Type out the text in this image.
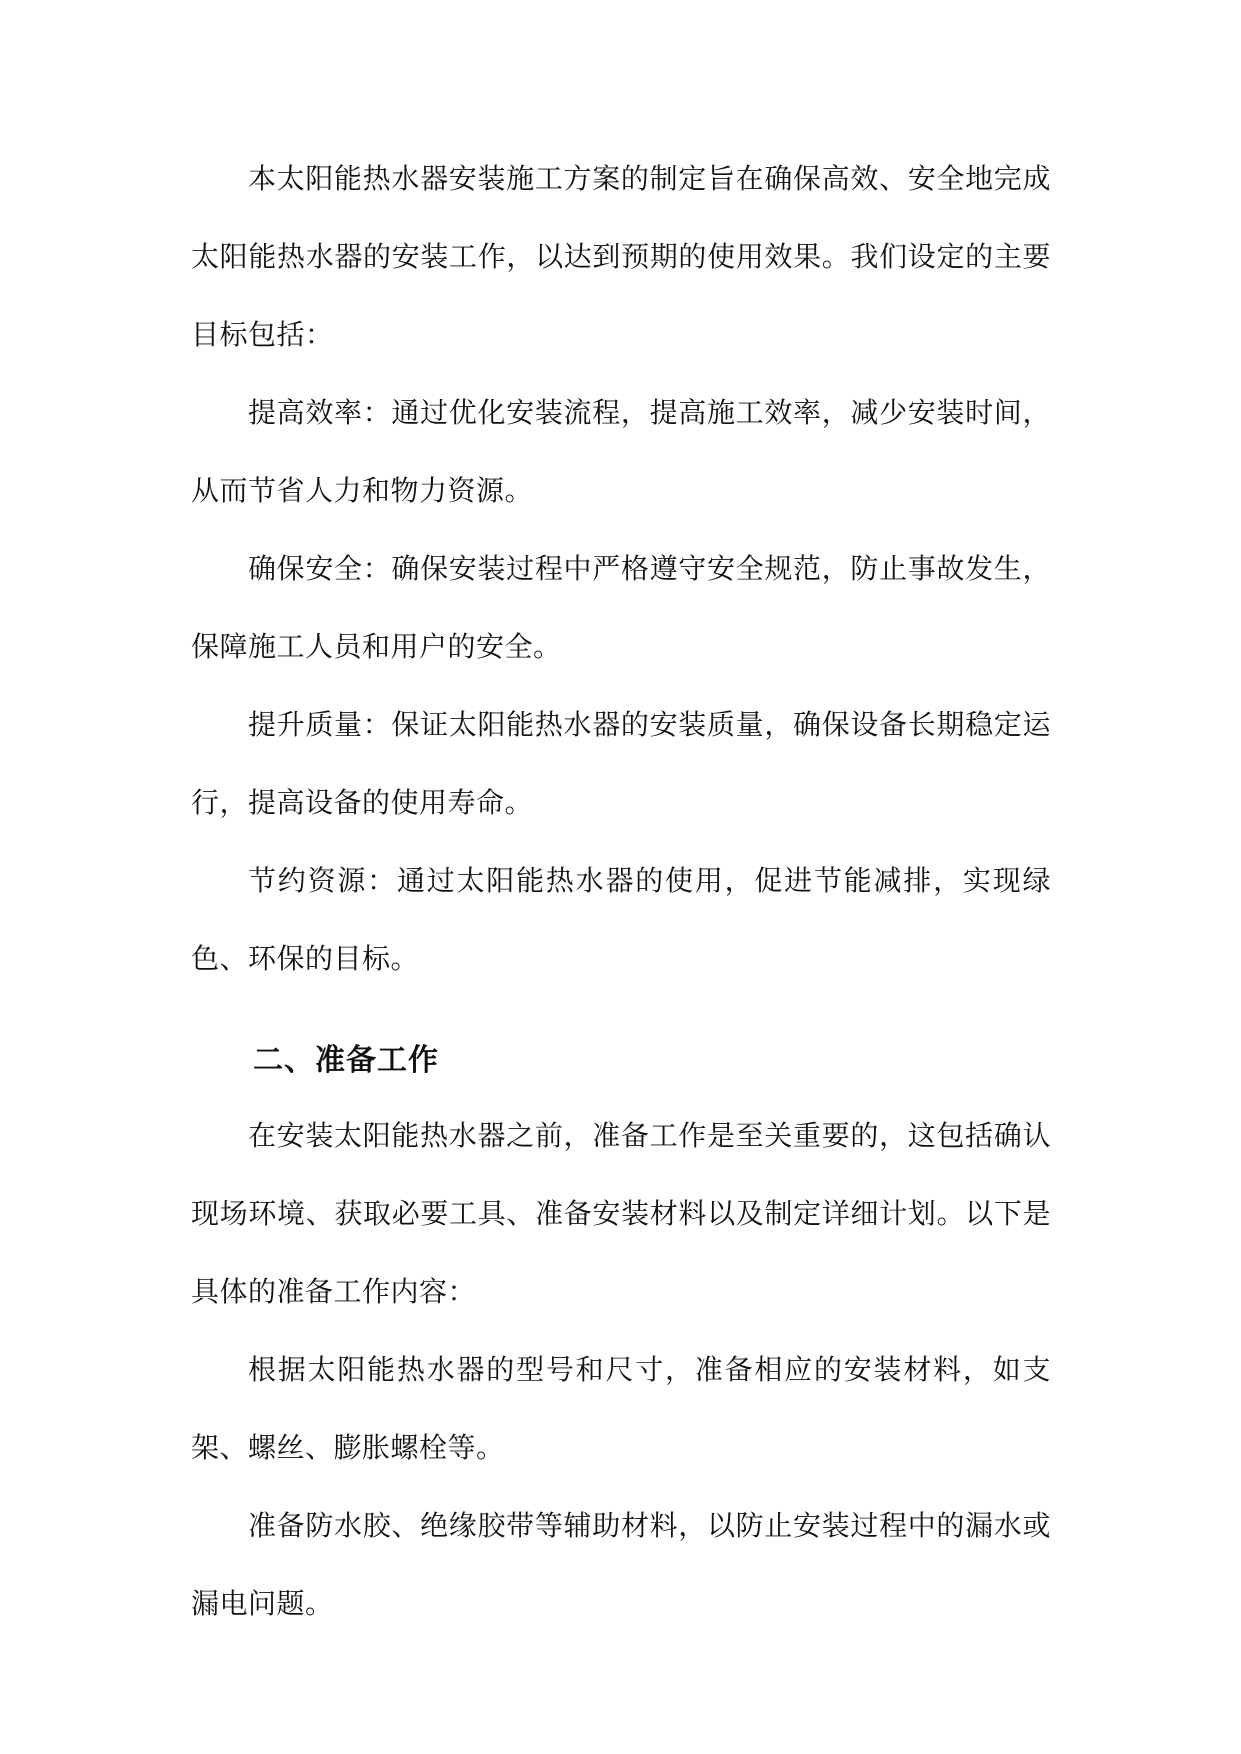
本太阳能热水器安装施工方案的制定旨在确保高效、安全地完成太阳能热水器的安装工作，以达到预期的使用效果。我们设定的主要目标包括：

提高效率：通过优化安装流程，提高施工效率，减少安装时间，从而节省人力和物力资源。

确保安全：确保安装过程中严格遵守安全规范，防止事故发生，保障施工人员和用户的安全。

提升质量：保证太阳能热水器的安装质量，确保设备长期稳定运行，提高设备的使用寿命。

节约资源：通过太阳能热水器的使用，促进节能减排，实现绿色、环保的目标。

二、准备工作

在安装太阳能热水器之前，准备工作是至关重要的，这包括确认现场环境、获取必要工具、准备安装材料以及制定详细计划。以下是具体的准备工作内容：

根据太阳能热水器的型号和尺寸，准备相应的安装材料，如支架、螺丝、膨胀螺栓等。

准备防水胶、绝缘胶带等辅助材料，以防止安装过程中的漏水或漏电问题。
